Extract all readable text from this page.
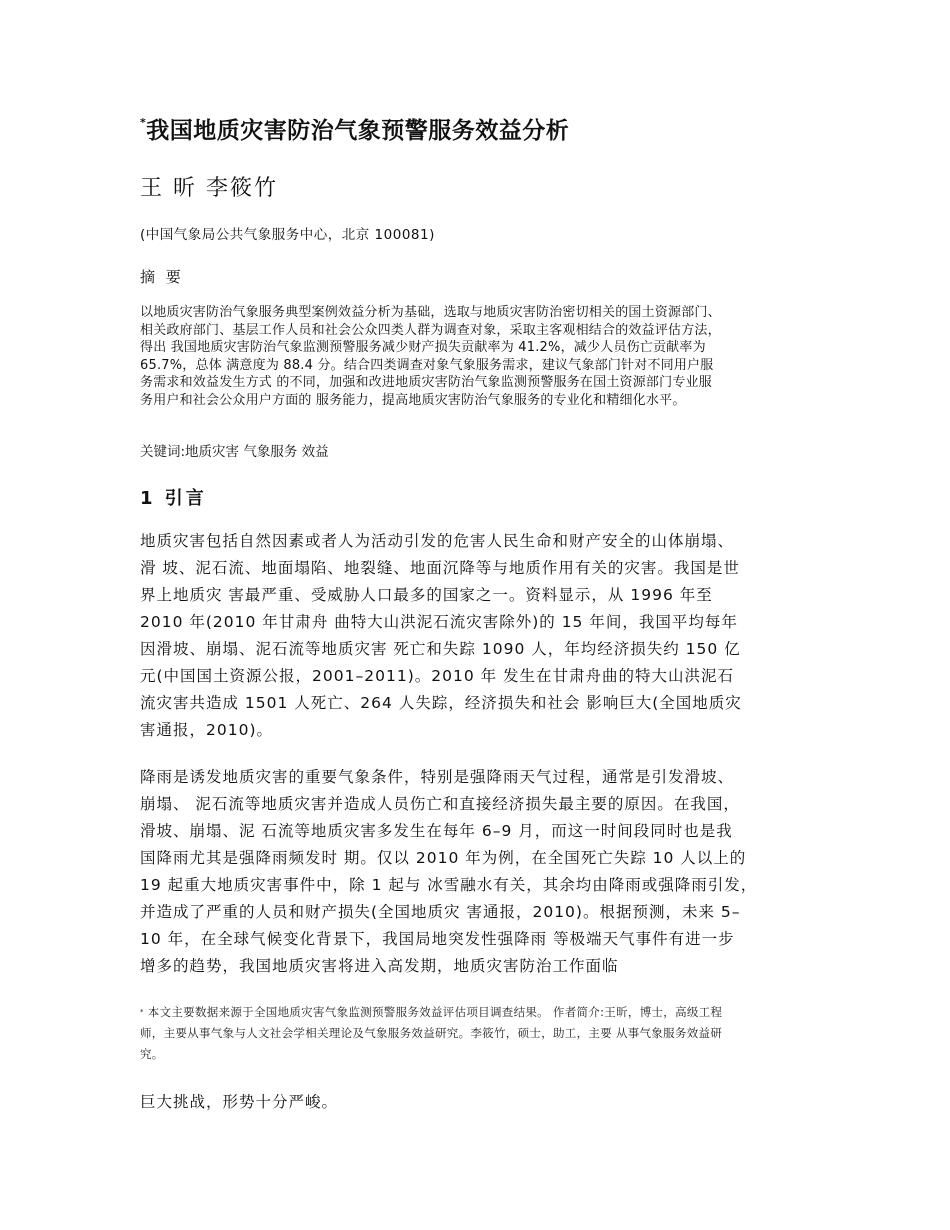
*我国地质灾害防治气象预警服务效益分析
王 昕 李筱竹
(中国气象局公共气象服务中心，北京 100081)
摘 要
以地质灾害防治气象服务典型案例效益分析为基础，选取与地质灾害防治密切相关的国土资源部门、
相关政府部门、基层工作人员和社会公众四类人群为调查对象，采取主客观相结合的效益评估方法，
得出 我国地质灾害防治气象监测预警服务减少财产损失贡献率为 41.2%，减少人员伤亡贡献率为
65.7%，总体 满意度为 88.4 分。结合四类调查对象气象服务需求，建议气象部门针对不同用户服
务需求和效益发生方式 的不同，加强和改进地质灾害防治气象监测预警服务在国土资源部门专业服
务用户和社会公众用户方面的 服务能力，提高地质灾害防治气象服务的专业化和精细化水平。
关键词:地质灾害 气象服务 效益
1 引言
地质灾害包括自然因素或者人为活动引发的危害人民生命和财产安全的山体崩塌、
滑 坡、泥石流、地面塌陷、地裂缝、地面沉降等与地质作用有关的灾害。我国是世
界上地质灾 害最严重、受威胁人口最多的国家之一。资料显示，从 1996 年至
2010 年(2010 年甘肃舟 曲特大山洪泥石流灾害除外)的 15 年间，我国平均每年
因滑坡、崩塌、泥石流等地质灾害 死亡和失踪 1090 人，年均经济损失约 150 亿
元(中国国土资源公报，2001–2011)。2010 年 发生在甘肃舟曲的特大山洪泥石
流灾害共造成 1501 人死亡、264 人失踪，经济损失和社会 影响巨大(全国地质灾
害通报，2010)。
降雨是诱发地质灾害的重要气象条件，特别是强降雨天气过程，通常是引发滑坡、
崩塌、 泥石流等地质灾害并造成人员伤亡和直接经济损失最主要的原因。在我国，
滑坡、崩塌、泥 石流等地质灾害多发生在每年 6–9 月，而这一时间段同时也是我
国降雨尤其是强降雨频发时 期。仅以 2010 年为例，在全国死亡失踪 10 人以上的
19 起重大地质灾害事件中，除 1 起与 冰雪融水有关，其余均由降雨或强降雨引发，
并造成了严重的人员和财产损失(全国地质灾 害通报，2010)。根据预测，未来 5–
10 年，在全球气候变化背景下，我国局地突发性强降雨 等极端天气事件有进一步
增多的趋势，我国地质灾害将进入高发期，地质灾害防治工作面临
* 本文主要数据来源于全国地质灾害气象监测预警服务效益评估项目调查结果。 作者简介:王昕，博士，高级工程
师，主要从事气象与人文社会学相关理论及气象服务效益研究。李筱竹，硕士，助工，主要 从事气象服务效益研
究。
巨大挑战，形势十分严峻。
